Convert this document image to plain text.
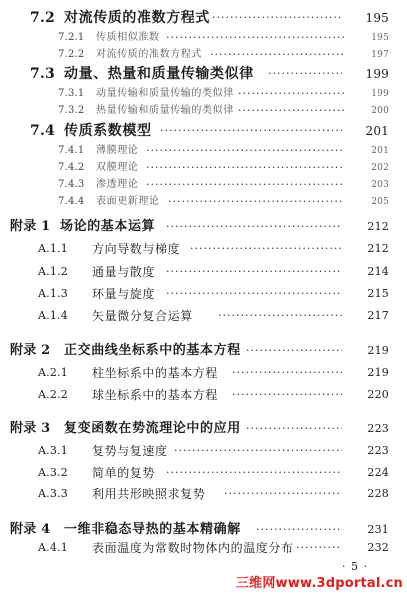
7.2 对流传质的准数方程式 ·····	195
7.2.1 传质相似准数 ·····	195
7.2.2 对流传质的准数方程式 ·····	197
7.3 动量、热量和质量传输类似律 ·····	199
7.3.1 动量传输和质量传输的类似律 ·····	199
7.3.2 热量传输和质量传输的类似律 ·····	200
7.4 传质系数模型 ·····	201
7.4.1 薄膜理论 ·····	201
7.4.2 双膜理论 ·····	202
7.4.3 渗透理论 ·····	203
7.4.4 表面更新理论 ·····	205
附录 1 场论的基本运算 ·····	212
A.1.1 方向导数与梯度 ·····	212
A.1.2 通量与散度 ·····	214
A.1.3 环量与旋度 ·····	215
A.1.4 矢量微分复合运算 ·····	217
附录 2 正交曲线坐标系中的基本方程 ·····	219
A.2.1 柱坐标系中的基本方程 ·····	219
A.2.2 球坐标系中的基本方程 ·····	220
附录 3 复变函数在势流理论中的应用 ·····	223
A.3.1 复势与复速度 ·····	223
A.3.2 简单的复势 ·····	224
A.3.3 利用共形映照求复势 ·····	228
附录 4 一维非稳态导热的基本精确解 ·····	231
A.4.1 表面温度为常数时物体内的温度分布 ·····	232
· 5 ·
三维网www.3dportal.cn
